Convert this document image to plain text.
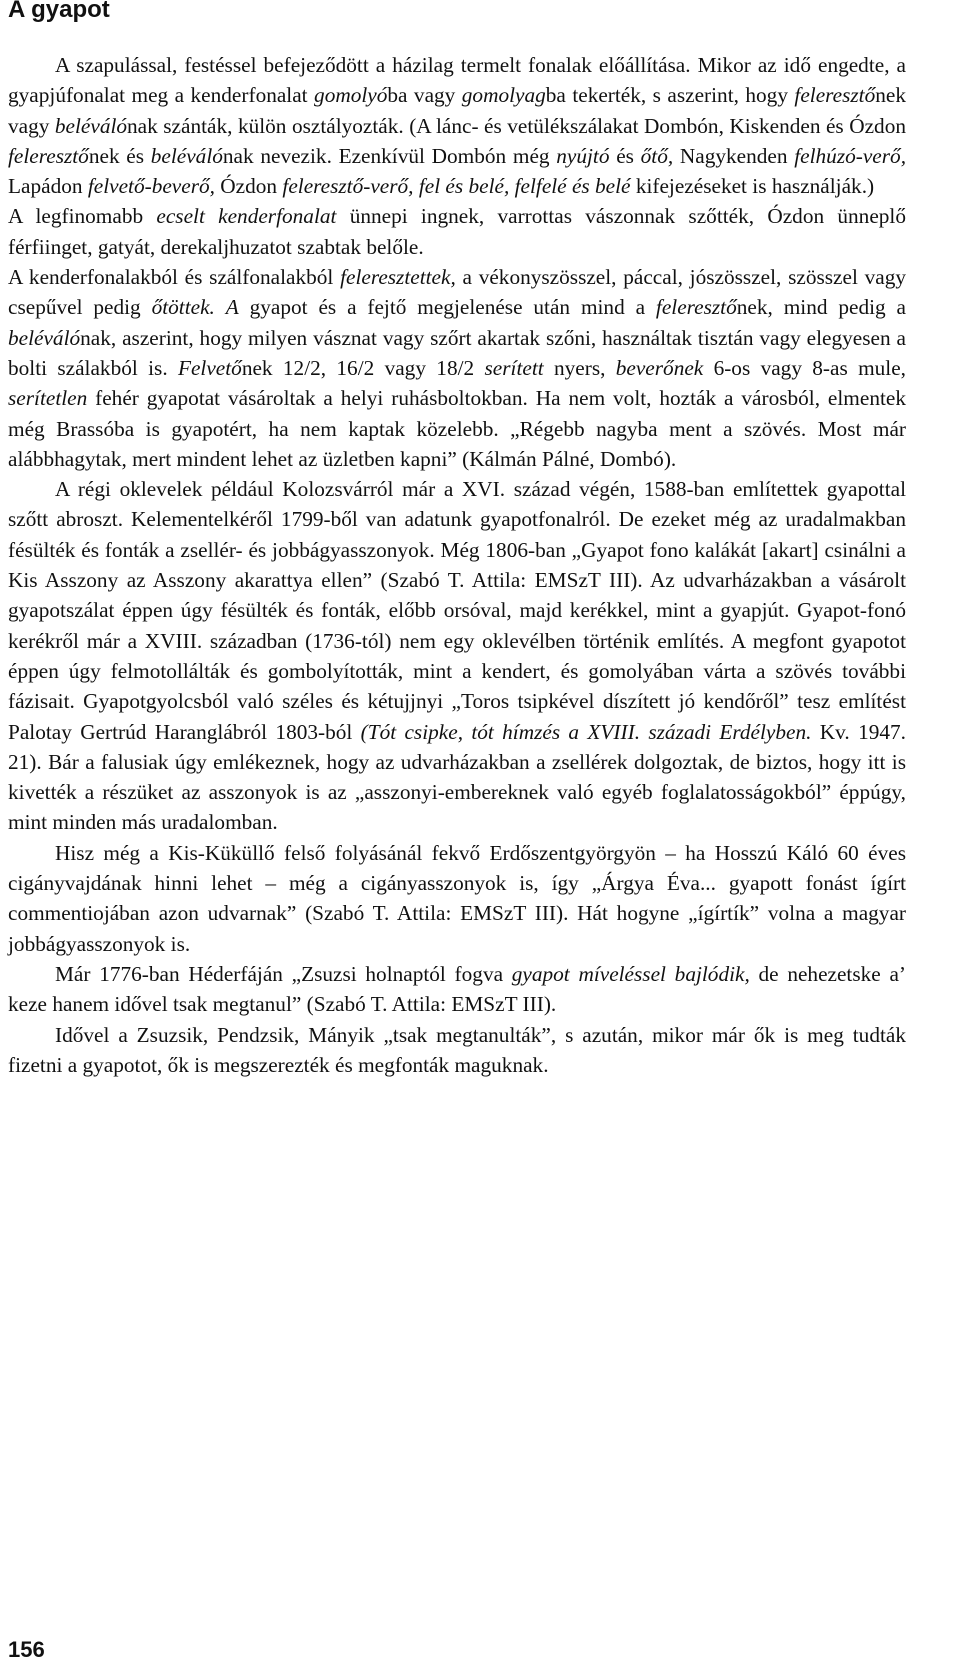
A gyapot

A szapulással, festéssel befejeződött a házilag termelt fonalak előállítása. Mikor az idő engedte, a gyapjúfonalat meg a kenderfonalat gomolyóba vagy gomolyagba tekerték, s aszerint, hogy feleresztőnek vagy beléválónak szánták, külön osztályozták. (A lánc- és vetülékszálakat Dombón, Kiskenden és Ózdon feleresztőnek és beléválónak nevezik. Ezenkívül Dombón még nyújtó és őtő, Nagykenden felhúzó-verő, Lapádon felvető-beverő, Ózdon feleresztő-verő, fel és belé, felfelé és belé kifejezéseket is használják.)

A legfinomabb ecselt kenderfonalat ünnepi ingnek, varrottas vászonnak szőtték, Ózdon ünneplő férfiinget, gatyát, derekaljhuzatot szabtak belőle.

A kenderfonalakból és szálfonalakból feleresztettek, a vékonyszösszel, páccal, jószösszel, szösszel vagy csepűvel pedig őtöttek. A gyapot és a fejtő megjelenése után mind a feleresztőnek, mind pedig a beléválónak, aszerint, hogy milyen vásznat vagy szőrt akartak szőni, használtak tisztán vagy elegyesen a bolti szálakból is. Felvetőnek 12/2, 16/2 vagy 18/2 serített nyers, beverőnek 6-os vagy 8-as mule, serítetlen fehér gyapotat vásároltak a helyi ruhásboltokban. Ha nem volt, hozták a városból, elmentek még Brassóba is gyapotért, ha nem kaptak közelebb. „Régebb nagyba ment a szövés. Most már alábbhagytak, mert mindent lehet az üzletben kapni” (Kálmán Pálné, Dombó).

A régi oklevelek például Kolozsvárról már a XVI. század végén, 1588-ban említettek gyapottal szőtt abroszt. Kelementelkéről 1799-ből van adatunk gyapotfonalról. De ezeket még az uradalmakban fésülték és fonták a zsellér- és jobbágyasszonyok. Még 1806-ban „Gyapot fono kalákát [akart] csinálni a Kis Asszony az Asszony akarattya ellen” (Szabó T. Attila: EMSzT III). Az udvarházakban a vásárolt gyapotszálat éppen úgy fésülték és fonták, előbb orsóval, majd kerékkel, mint a gyapjút. Gyapot-fonó kerékről már a XVIII. században (1736-tól) nem egy oklevélben történik említés. A megfont gyapotot éppen úgy felmotollálták és gombolyították, mint a kendert, és gomolyában várta a szövés további fázisait. Gyapotgyolcsból való széles és kétujjnyi „Toros tsipkével díszített jó kendőről” tesz említést Palotay Gertrúd Haranglábról 1803-ból (Tót csipke, tót hímzés a XVIII. századi Erdélyben. Kv. 1947. 21). Bár a falusiak úgy emlékeznek, hogy az udvarházakban a zsellérek dolgoztak, de biztos, hogy itt is kivették a részüket az asszonyok is az „asszonyi-embereknek való egyéb foglalatosságokból” éppúgy, mint minden más uradalomban.

Hisz még a Kis-Küküllő felső folyásánál fekvő Erdőszentgyörgyön – ha Hosszú Káló 60 éves cigányvajdának hinni lehet – még a cigányasszonyok is, így „Árgya Éva... gyapott fonást ígírt commentiojában azon udvarnak” (Szabó T. Attila: EMSzT III). Hát hogyne „ígírtík” volna a magyar jobbágyasszonyok is.

Már 1776-ban Héderfáján „Zsuzsi holnaptól fogva gyapot míveléssel bajlódik, de nehezetske a’ keze hanem idővel tsak megtanul” (Szabó T. Attila: EMSzT III).

Idővel a Zsuzsik, Pendzsik, Mányik „tsak megtanulták”, s azután, mikor már ők is meg tudták fizetni a gyapotot, ők is megszerezték és megfonták maguknak.

156
